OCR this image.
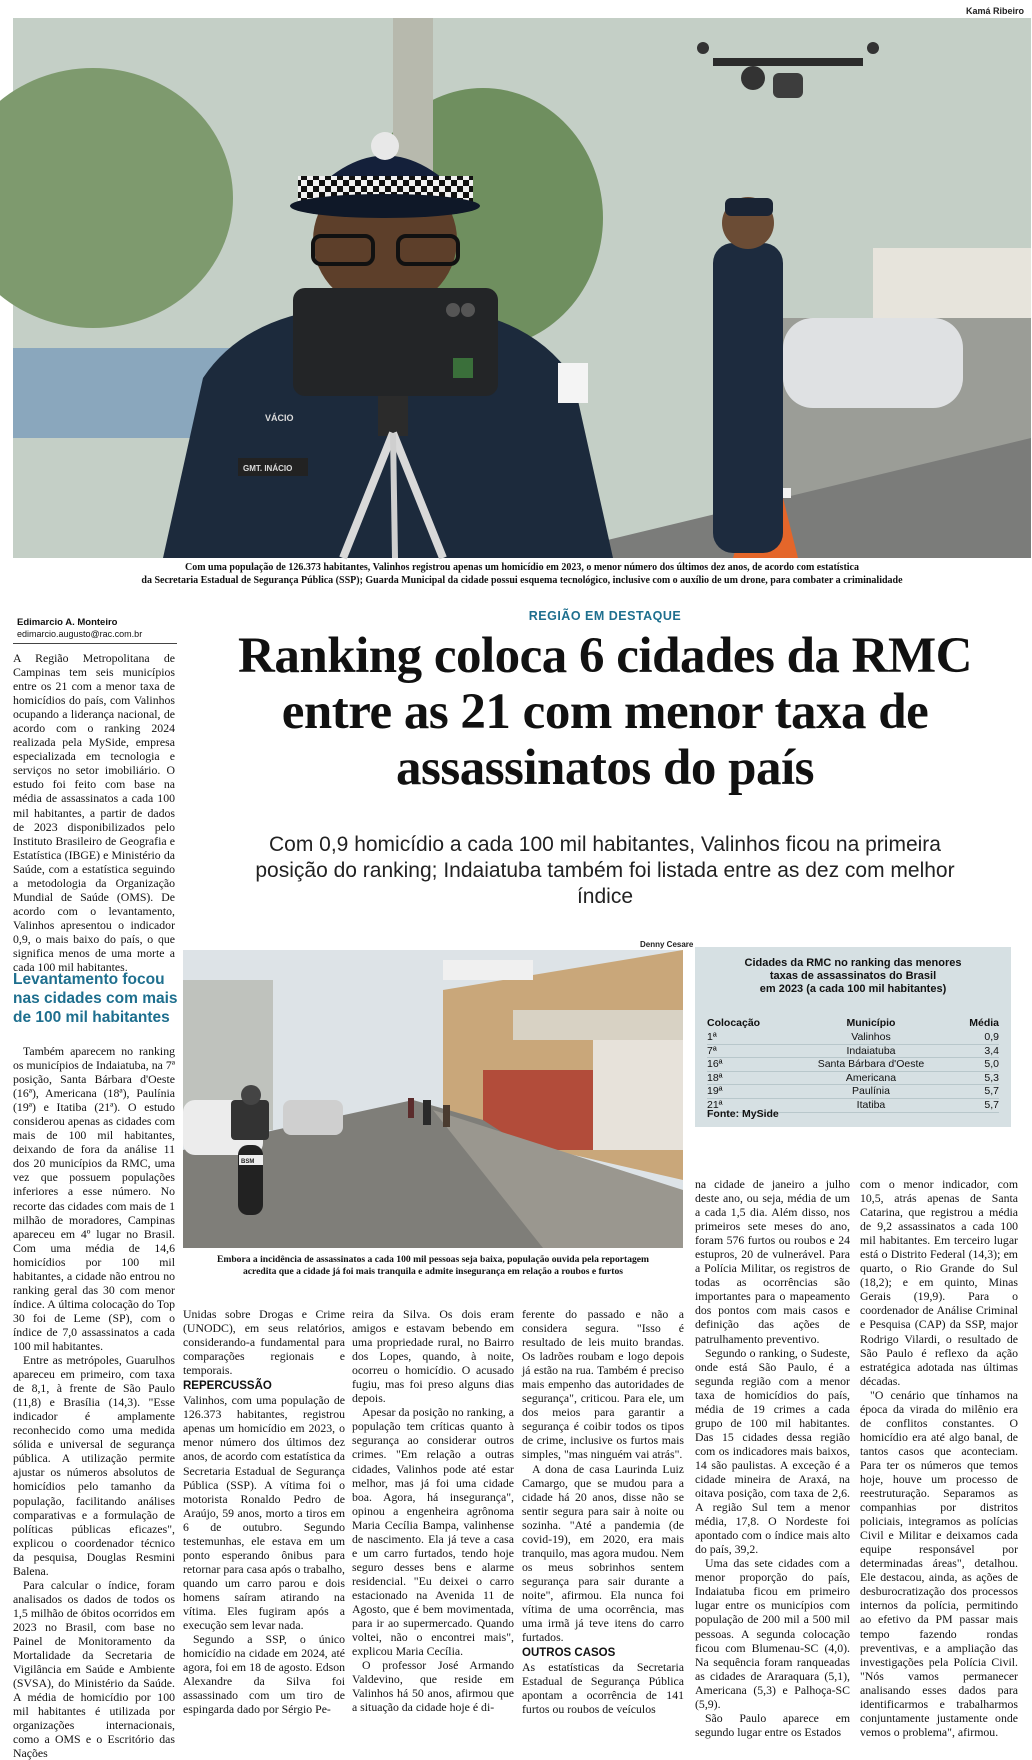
Kamá Ribeiro
VÁCIO
GMT. INÁCIO
Com uma população de 126.373 habitantes, Valinhos registrou apenas um homicídio em 2023, o menor número dos últimos dez anos, de acordo com estatística
da Secretaria Estadual de Segurança Pública (SSP); Guarda Municipal da cidade possui esquema tecnológico, inclusive com o auxílio de um drone, para combater a criminalidade
Edimarcio A. Monteiro
edimarcio.augusto@rac.com.br
REGIÃO EM DESTAQUE
Ranking coloca 6 cidades da RMC entre as 21 com menor taxa de assassinatos do país

Com 0,9 homicídio a cada 100 mil habitantes, Valinhos ficou na primeira posição do ranking; Indaiatuba também foi listada entre as dez com melhor índice

A Região Metropolitana de Campinas tem seis municípios entre os 21 com a menor taxa de homicídios do país, com Valinhos ocupando a liderança nacional, de acordo com o ranking 2024 realizada pela MySide, empresa especializada em tecnologia e serviços no setor imobiliário. O estudo foi feito com base na média de assassinatos a cada 100 mil habitantes, a partir de dados de 2023 disponibilizados pelo Instituto Brasileiro de Geografia e Estatística (IBGE) e Ministério da Saúde, com a estatística seguindo a metodologia da Organização Mundial de Saúde (OMS). De acordo com o levantamento, Valinhos apresentou o indicador 0,9, o mais baixo do país, o que significa menos de uma morte a cada 100 mil habitantes.

Levantamento focou nas cidades com mais de 100 mil habitantes

Também aparecem no ranking os municípios de Indaiatuba, na 7ª posição, Santa Bárbara d'Oeste (16ª), Americana (18ª), Paulínia (19ª) e Itatiba (21ª). O estudo considerou apenas as cidades com mais de 100 mil habitantes, deixando de fora da análise 11 dos 20 municípios da RMC, uma vez que possuem populações inferiores a esse número. No recorte das cidades com mais de 1 milhão de moradores, Campinas apareceu em 4º lugar no Brasil. Com uma média de 14,6 homicídios por 100 mil habitantes, a cidade não entrou no ranking geral das 30 com menor índice. A última colocação do Top 30 foi de Leme (SP), com o índice de 7,0 assassinatos a cada 100 mil habitantes.

Entre as metrópoles, Guarulhos apareceu em primeiro, com taxa de 8,1, à frente de São Paulo (11,8) e Brasília (14,3). "Esse indicador é amplamente reconhecido como uma medida sólida e universal de segurança pública. A utilização permite ajustar os números absolutos de homicídios pelo tamanho da população, facilitando análises comparativas e a formulação de políticas públicas eficazes", explicou o coordenador técnico da pesquisa, Douglas Resmini Balena.

Para calcular o índice, foram analisados os dados de todos os 1,5 milhão de óbitos ocorridos em 2023 no Brasil, com base no Painel de Monitoramento da Mortalidade da Secretaria de Vigilância em Saúde e Ambiente (SVSA), do Ministério da Saúde. A média de homicídio por 100 mil habitantes é utilizada por organizações internacionais, como a OMS e o Escritório das Nações

Denny Cesare
BSM
Embora a incidência de assassinatos a cada 100 mil pessoas seja baixa, população ouvida pela reportagem
acredita que a cidade já foi mais tranquila e admite insegurança em relação a roubos e furtos
Cidades da RMC no ranking das menores
taxas de assassinatos do Brasil
em 2023 (a cada 100 mil habitantes)
Colocação	Município	Média
1ª	Valinhos	0,9
7ª	Indaiatuba	3,4
16ª	Santa Bárbara d'Oeste	5,0
18ª	Americana	5,3
19ª	Paulínia	5,7
21ª	Itatiba	5,7
Fonte: MySide

Unidas sobre Drogas e Crime (UNODC), em seus relatórios, considerando-a fundamental para comparações regionais e temporais.

REPERCUSSÃO

Valinhos, com uma população de 126.373 habitantes, registrou apenas um homicídio em 2023, o menor número dos últimos dez anos, de acordo com estatística da Secretaria Estadual de Segurança Pública (SSP). A vítima foi o motorista Ronaldo Pedro de Araújo, 59 anos, morto a tiros em 6 de outubro. Segundo testemunhas, ele estava em um ponto esperando ônibus para retornar para casa após o trabalho, quando um carro parou e dois homens saíram atirando na vítima. Eles fugiram após a execução sem levar nada.

Segundo a SSP, o único homicídio na cidade em 2024, até agora, foi em 18 de agosto. Edson Alexandre da Silva foi assassinado com um tiro de espingarda dado por Sérgio Pe-

reira da Silva. Os dois eram amigos e estavam bebendo em uma propriedade rural, no Bairro dos Lopes, quando, à noite, ocorreu o homicídio. O acusado fugiu, mas foi preso alguns dias depois.

Apesar da posição no ranking, a população tem críticas quanto à segurança ao considerar outros crimes. "Em relação a outras cidades, Valinhos pode até estar melhor, mas já foi uma cidade boa. Agora, há insegurança", opinou a engenheira agrônoma Maria Cecília Bampa, valinhense de nascimento. Ela já teve a casa e um carro furtados, tendo hoje seguro desses bens e alarme residencial. "Eu deixei o carro estacionado na Avenida 11 de Agosto, que é bem movimentada, para ir ao supermercado. Quando voltei, não o encontrei mais", explicou Maria Cecília.

O professor José Armando Valdevino, que reside em Valinhos há 50 anos, afirmou que a situação da cidade hoje é di-

ferente do passado e não a considera segura. "Isso é resultado de leis muito brandas. Os ladrões roubam e logo depois já estão na rua. Também é preciso mais empenho das autoridades de segurança", criticou. Para ele, um dos meios para garantir a segurança é coibir todos os tipos de crime, inclusive os furtos mais simples, "mas ninguém vai atrás".

A dona de casa Laurinda Luiz Camargo, que se mudou para a cidade há 20 anos, disse não se sentir segura para sair à noite ou sozinha. "Até a pandemia (de covid-19), em 2020, era mais tranquilo, mas agora mudou. Nem os meus sobrinhos sentem segurança para sair durante a noite", afirmou. Ela nunca foi vítima de uma ocorrência, mas uma irmã já teve itens do carro furtados.

OUTROS CASOS

As estatísticas da Secretaria Estadual de Segurança Pública apontam a ocorrência de 141 furtos ou roubos de veículos

na cidade de janeiro a julho deste ano, ou seja, média de um a cada 1,5 dia. Além disso, nos primeiros sete meses do ano, foram 576 furtos ou roubos e 24 estupros, 20 de vulnerável. Para a Polícia Militar, os registros de todas as ocorrências são importantes para o mapeamento dos pontos com mais casos e definição das ações de patrulhamento preventivo.

Segundo o ranking, o Sudeste, onde está São Paulo, é a segunda região com a menor taxa de homicídios do país, média de 19 crimes a cada grupo de 100 mil habitantes. Das 15 cidades dessa região com os indicadores mais baixos, 14 são paulistas. A exceção é a cidade mineira de Araxá, na oitava posição, com taxa de 2,6. A região Sul tem a menor média, 17,8. O Nordeste foi apontado com o índice mais alto do país, 39,2.

Uma das sete cidades com a menor proporção do país, Indaiatuba ficou em primeiro lugar entre os municípios com população de 200 mil a 500 mil pessoas. A segunda colocação ficou com Blumenau-SC (4,0). Na sequência foram ranqueadas as cidades de Araraquara (5,1), Americana (5,3) e Palhoça-SC (5,9).

São Paulo aparece em segundo lugar entre os Estados

com o menor indicador, com 10,5, atrás apenas de Santa Catarina, que registrou a média de 9,2 assassinatos a cada 100 mil habitantes. Em terceiro lugar está o Distrito Federal (14,3); em quarto, o Rio Grande do Sul (18,2); e em quinto, Minas Gerais (19,9). Para o coordenador de Análise Criminal e Pesquisa (CAP) da SSP, major Rodrigo Vilardi, o resultado de São Paulo é reflexo da ação estratégica adotada nas últimas décadas.

"O cenário que tínhamos na época da virada do milênio era de conflitos constantes. O homicídio era até algo banal, de tantos casos que aconteciam. Para ter os números que temos hoje, houve um processo de reestruturação. Separamos as companhias por distritos policiais, integramos as polícias Civil e Militar e deixamos cada equipe responsável por determinadas áreas", detalhou. Ele destacou, ainda, as ações de desburocratização dos processos internos da polícia, permitindo ao efetivo da PM passar mais tempo fazendo rondas preventivas, e a ampliação das investigações pela Polícia Civil. "Nós vamos permanecer analisando esses dados para identificarmos e trabalharmos conjuntamente justamente onde vemos o problema", afirmou.
